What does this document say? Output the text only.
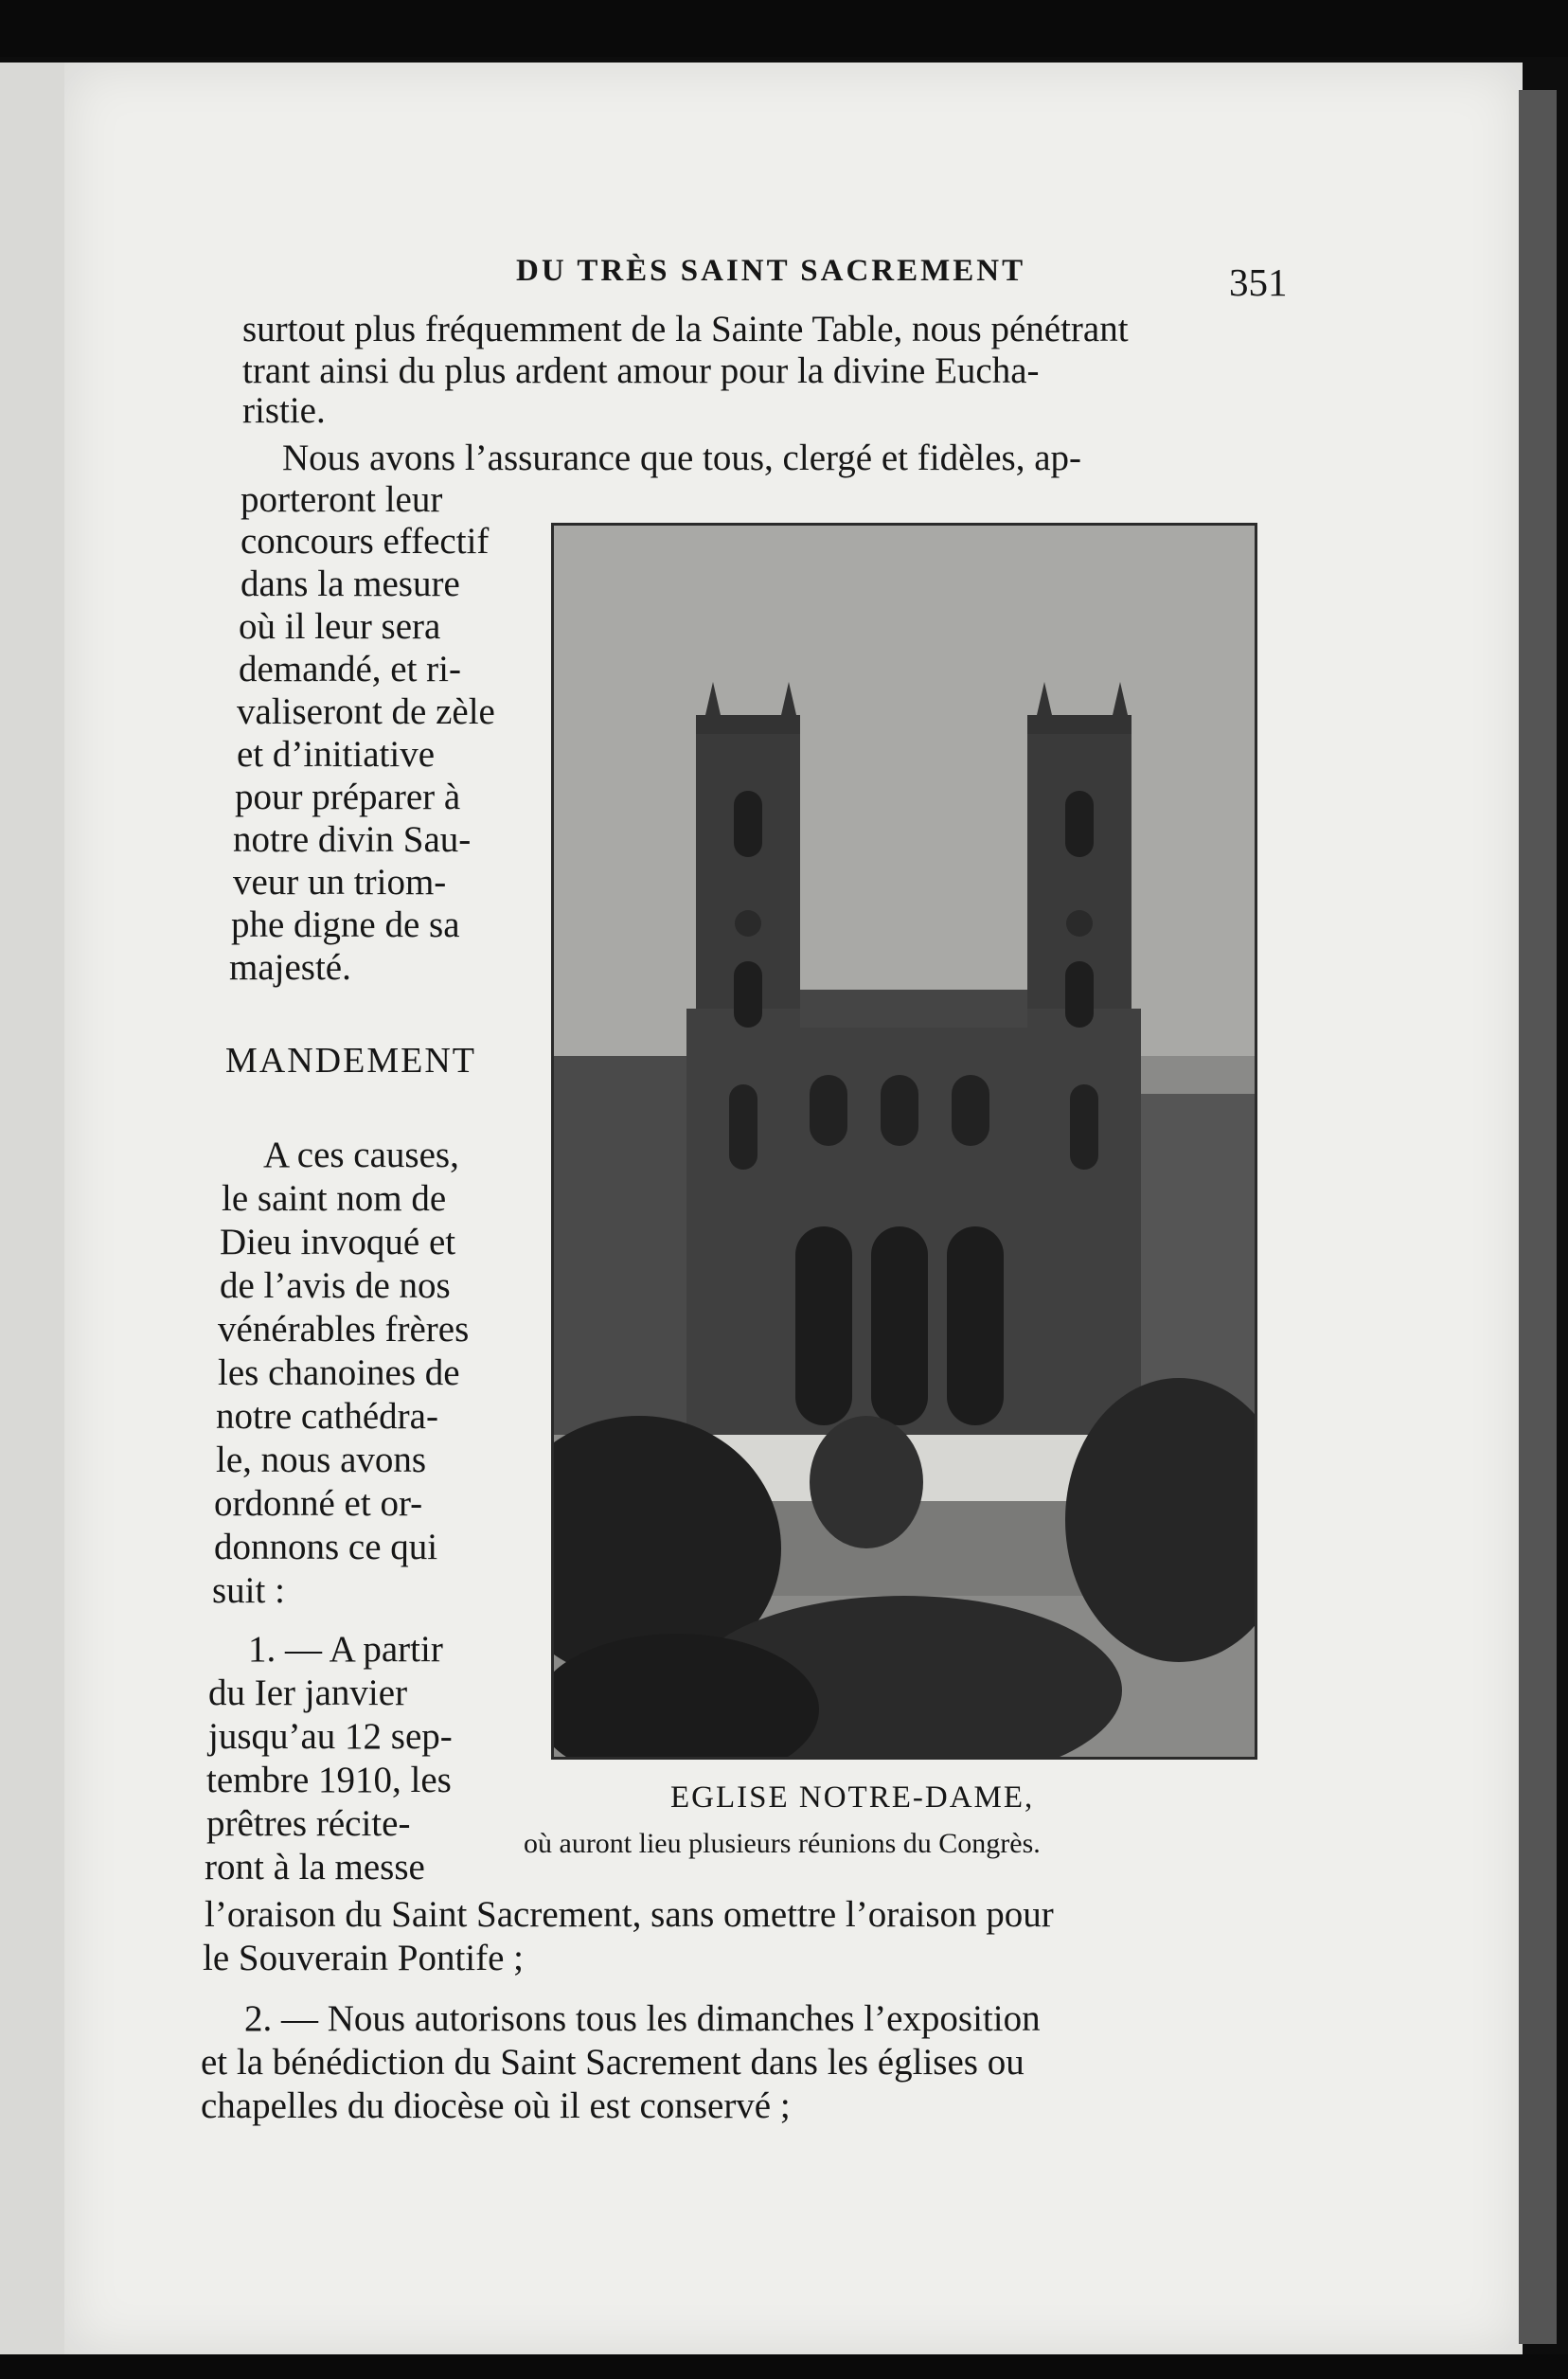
DU TRÈS SAINT SACREMENT	351
surtout plus fréquemment de la Sainte Table, nous pénétrant
trant ainsi du plus ardent amour pour la divine Eucha-
ristie.
Nous avons l’assurance que tous, clergé et fidèles, ap-
porteront leur
concours effectif
dans la mesure
où il leur sera
demandé, et ri-
valiseront de zèle
et d’initiative
pour préparer à
notre divin Sau-
veur un triom-
phe digne de sa
majesté.
MANDEMENT
A ces causes,
le saint nom de
Dieu invoqué et
de l’avis de nos
vénérables frères
les chanoines de
notre cathédra-
le, nous avons
ordonné et or-
donnons ce qui
suit :
1. — A partir
du Ier janvier
jusqu’au 12 sep-
tembre 1910, les
prêtres récite-
ront à la messe
l’oraison du Saint Sacrement, sans omettre l’oraison pour
le Souverain Pontife ;
2. — Nous autorisons tous les dimanches l’exposition
et la bénédiction du Saint Sacrement dans les églises ou
chapelles du diocèse où il est conservé ;
EGLISE NOTRE-DAME,
où auront lieu plusieurs réunions du Congrès.
